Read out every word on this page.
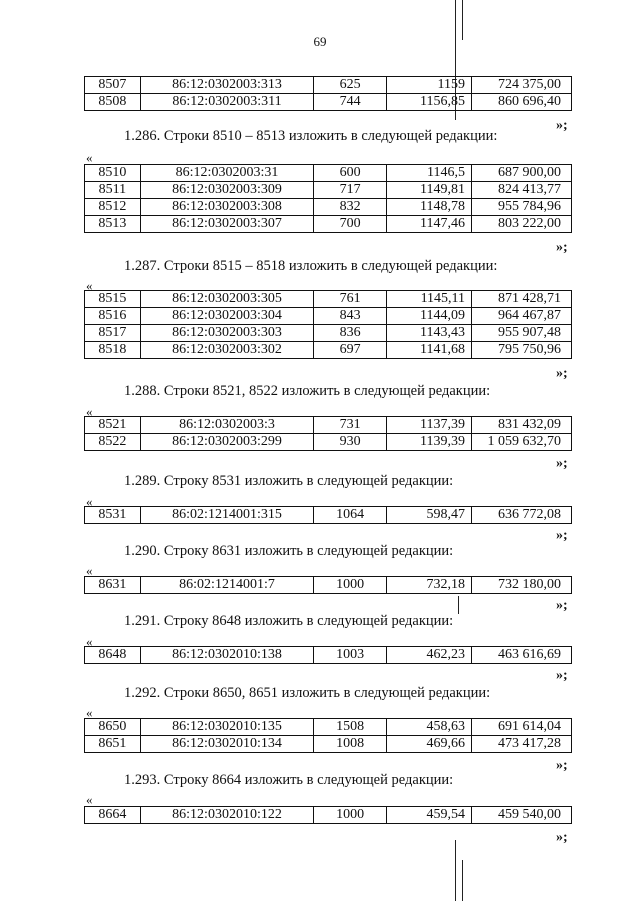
69
8507	86:12:0302003:313	625	1159	724 375,00
8508	86:12:0302003:311	744	1156,85	860 696,40
»;
1.286. Строки 8510 – 8513 изложить в следующей редакции:
«
8510	86:12:0302003:31	600	1146,5	687 900,00
8511	86:12:0302003:309	717	1149,81	824 413,77
8512	86:12:0302003:308	832	1148,78	955 784,96
8513	86:12:0302003:307	700	1147,46	803 222,00
»;
1.287. Строки 8515 – 8518 изложить в следующей редакции:
«
8515	86:12:0302003:305	761	1145,11	871 428,71
8516	86:12:0302003:304	843	1144,09	964 467,87
8517	86:12:0302003:303	836	1143,43	955 907,48
8518	86:12:0302003:302	697	1141,68	795 750,96
»;
1.288. Строки 8521, 8522 изложить в следующей редакции:
«
8521	86:12:0302003:3	731	1137,39	831 432,09
8522	86:12:0302003:299	930	1139,39	1 059 632,70
»;
1.289. Строку 8531 изложить в следующей редакции:
«
8531	86:02:1214001:315	1064	598,47	636 772,08
»;
1.290. Строку 8631 изложить в следующей редакции:
«
8631	86:02:1214001:7	1000	732,18	732 180,00
»;
1.291. Строку 8648 изложить в следующей редакции:
«
8648	86:12:0302010:138	1003	462,23	463 616,69
»;
1.292. Строки 8650, 8651 изложить в следующей редакции:
«
8650	86:12:0302010:135	1508	458,63	691 614,04
8651	86:12:0302010:134	1008	469,66	473 417,28
»;
1.293. Строку 8664 изложить в следующей редакции:
«
8664	86:12:0302010:122	1000	459,54	459 540,00
»;
